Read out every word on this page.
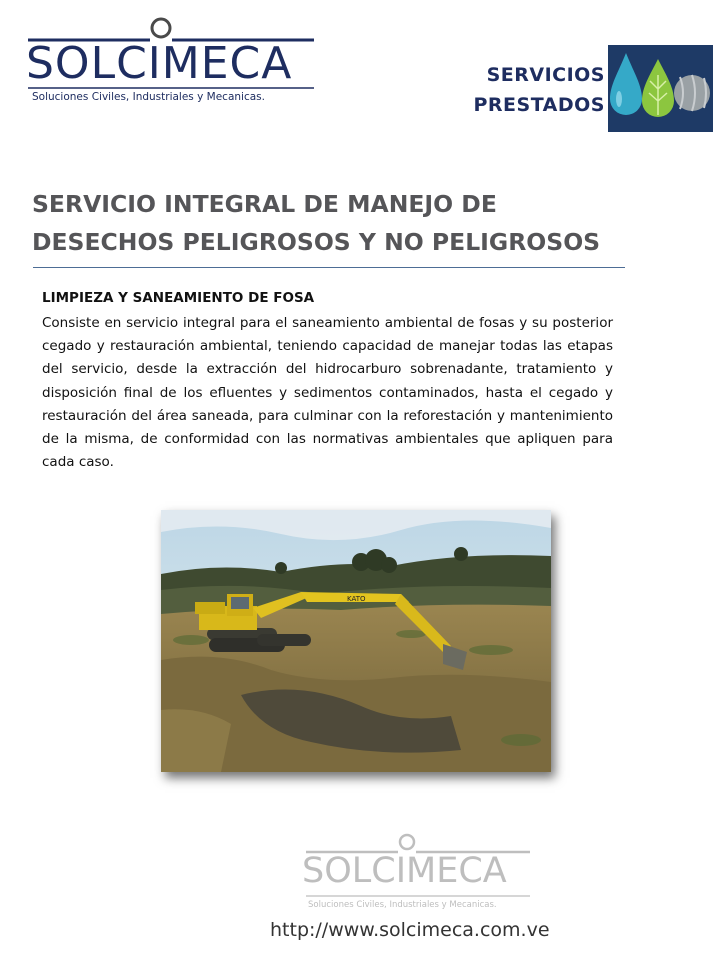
SOLCIMECA
Soluciones Civiles, Industriales y Mecanicas.
SERVICIOS
PRESTADOS
SERVICIO INTEGRAL DE MANEJO DE
DESECHOS PELIGROSOS Y NO PELIGROSOS
LIMPIEZA Y SANEAMIENTO DE FOSA

Consiste en servicio integral para el saneamiento ambiental de fosas y su posterior cegado y restauración ambiental, teniendo capacidad de manejar todas las etapas del servicio, desde la extracción del hidrocarburo sobrenadante, tratamiento y disposición final de los efluentes y sedimentos contaminados, hasta el cegado y restauración del área saneada, para culminar con la reforestación y mantenimiento de la misma, de conformidad con las normativas ambientales que apliquen para cada caso.

KATO
SOLCIMECA
Soluciones Civiles, Industriales y Mecanicas.
http://www.solcimeca.com.ve
